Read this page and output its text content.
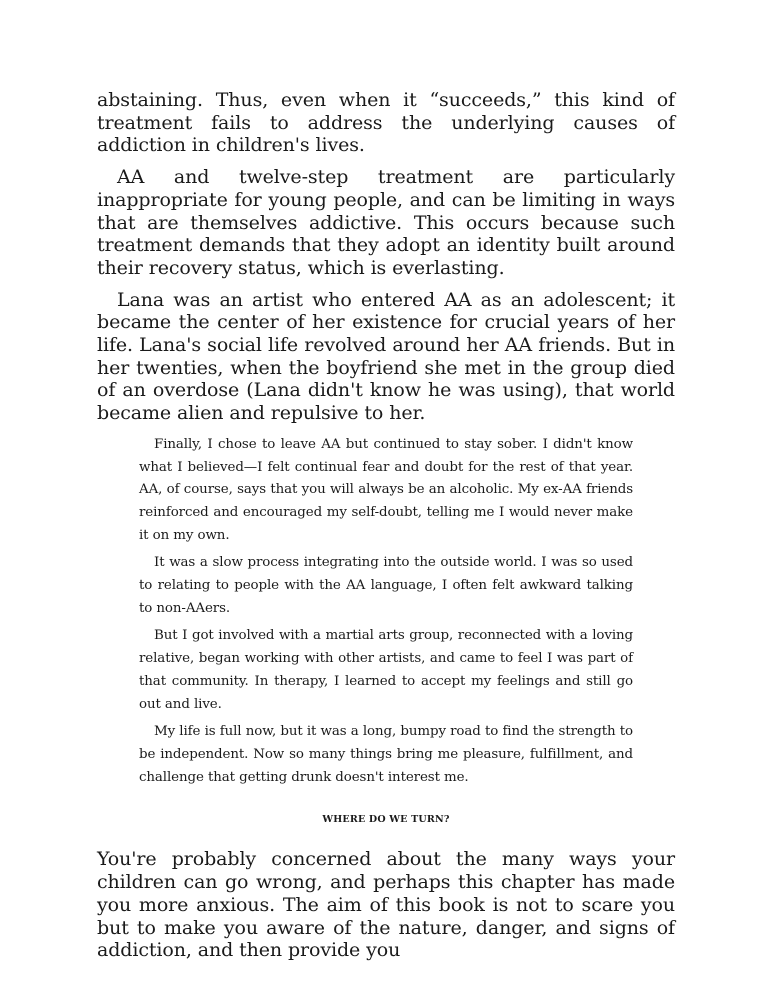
abstaining. Thus, even when it “succeeds,” this kind of treatment fails to address the underlying causes of addiction in children's lives.

AA and twelve-step treatment are particularly inappropriate for young people, and can be limiting in ways that are themselves addictive. This occurs because such treatment demands that they adopt an identity built around their recovery status, which is everlasting.

Lana was an artist who entered AA as an adolescent; it became the center of her existence for crucial years of her life. Lana's social life revolved around her AA friends. But in her twenties, when the boyfriend she met in the group died of an overdose (Lana didn't know he was using), that world became alien and repulsive to her.

Finally, I chose to leave AA but continued to stay sober. I didn't know what I believed—I felt continual fear and doubt for the rest of that year. AA, of course, says that you will always be an alcoholic. My ex-AA friends reinforced and encouraged my self-doubt, telling me I would never make it on my own.

It was a slow process integrating into the outside world. I was so used to relating to people with the AA language, I often felt awkward talking to non-AAers.

But I got involved with a martial arts group, reconnected with a loving relative, began working with other artists, and came to feel I was part of that community. In therapy, I learned to accept my feelings and still go out and live.

My life is full now, but it was a long, bumpy road to find the strength to be independent. Now so many things bring me pleasure, fulfillment, and challenge that getting drunk doesn't interest me.

WHERE DO WE TURN?

You're probably concerned about the many ways your children can go wrong, and perhaps this chapter has made you more anxious. The aim of this book is not to scare you but to make you aware of the nature, danger, and signs of addiction, and then provide you
